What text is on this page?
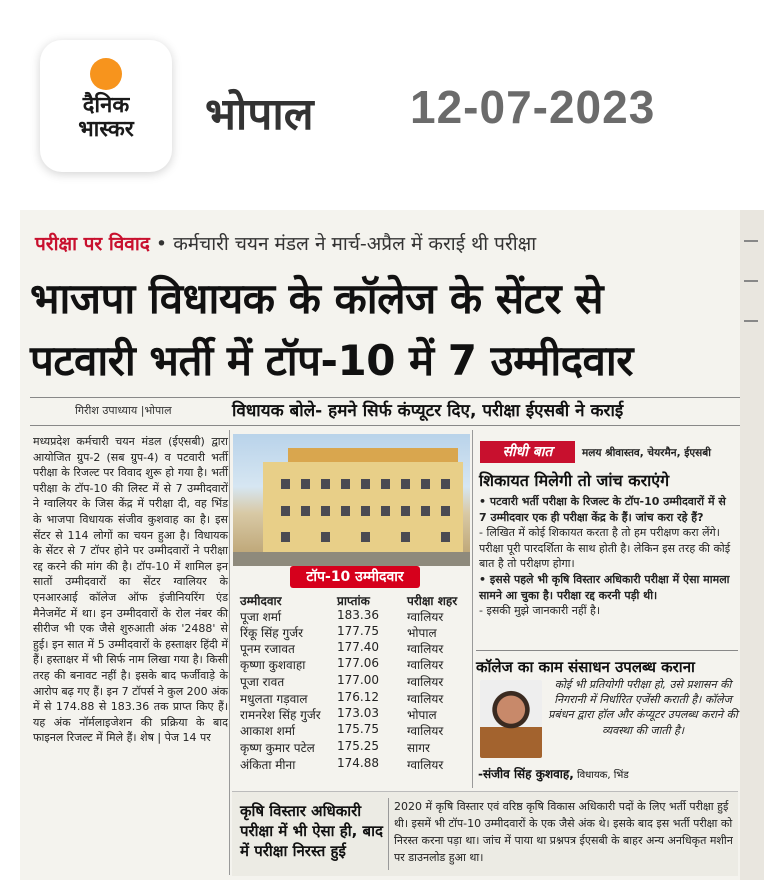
दैनिक
भास्कर	भोपाल 12-07-2023
परीक्षा पर विवाद • कर्मचारी चयन मंडल ने मार्च-अप्रैल में कराई थी परीक्षा
भाजपा विधायक के कॉलेज के सेंटर से
पटवारी भर्ती में टॉप-10 में 7 उम्मीदवार
गिरीश उपाध्याय |भोपाल	विधायक बोले- हमने सिर्फ कंप्यूटर दिए, परीक्षा ईएसबी ने कराई
मध्यप्रदेश कर्मचारी चयन मंडल (ईएसबी) द्वारा आयोजित ग्रुप-2 (सब ग्रुप-4) व पटवारी भर्ती परीक्षा के रिजल्ट पर विवाद शुरू हो गया है। भर्ती परीक्षा के टॉप-10 की लिस्ट में से 7 उम्मीदवारों ने ग्वालियर के जिस केंद्र में परीक्षा दी, वह भिंड के भाजपा विधायक संजीव कुशवाह का है। इस सेंटर से 114 लोगों का चयन हुआ है। विधायक के सेंटर से 7 टॉपर होने पर उम्मीदवारों ने परीक्षा रद्द करने की मांग की है। टॉप-10 में शामिल इन सातों उम्मीदवारों का सेंटर ग्वालियर के एनआरआई कॉलेज ऑफ इंजीनियरिंग एंड मैनेजमेंट में था। इन उम्मीदवारों के रोल नंबर की सीरीज भी एक जैसे शुरुआती अंक '2488' से हुई। इन सात में 5 उम्मीदवारों के हस्ताक्षर हिंदी में हैं। हस्ताक्षर में भी सिर्फ नाम लिखा गया है। किसी तरह की बनावट नहीं है। इसके बाद फर्जीवाड़े के आरोप बढ़ गए हैं। इन 7 टॉपर्स ने कुल 200 अंक में से 174.88 से 183.36 तक प्राप्त किए हैं। यह अंक नॉर्मलाइजेशन की प्रक्रिया के बाद फाइनल रिजल्ट में मिले हैं। शेष | पेज 14 पर
टॉप-10 उम्मीदवार
उम्मीदवार	प्राप्तांक	परीक्षा शहर
पूजा शर्मा	183.36 ग्वालियर
रिंकू सिंह गुर्जर	177.75 भोपाल
पूनम रजावत	177.40 ग्वालियर
कृष्णा कुशवाहा	177.06 ग्वालियर
पूजा रावत	177.00 ग्वालियर
मधुलता गड़वाल 176.12 ग्वालियर
रामनरेश सिंह गुर्जर 173.03 भोपाल
आकाश शर्मा	175.75 ग्वालियर
कृष्ण कुमार पटेल 175.25 सागर
अंकिता मीना	174.88 ग्वालियर
सीधी बात	मलय श्रीवास्तव, चेयरमैन, ईएसबी
शिकायत मिलेगी तो जांच कराएंगे

• पटवारी भर्ती परीक्षा के रिजल्ट के टॉप-10 उम्मीदवारों में से 7 उम्मीदवार एक ही परीक्षा केंद्र के हैं। जांच करा रहे हैं?

- लिखित में कोई शिकायत करता है तो हम परीक्षण करा लेंगे। परीक्षा पूरी पारदर्शिता के साथ होती है। लेकिन इस तरह की कोई बात है तो परीक्षण होगा।

• इससे पहले भी कृषि विस्तार अधिकारी परीक्षा में ऐसा मामला सामने आ चुका है। परीक्षा रद्द करनी पड़ी थी।

- इसकी मुझे जानकारी नहीं है।

कॉलेज का काम संसाधन उपलब्ध कराना
कोई भी प्रतियोगी परीक्षा हो, उसे प्रशासन की निगरानी में निर्धारित एजेंसी कराती है। कॉलेज प्रबंधन द्वारा हॉल और कंप्यूटर उपलब्ध कराने की व्यवस्था की जाती है।
-संजीव सिंह कुशवाह, विधायक, भिंड
कृषि विस्तार अधिकारी परीक्षा में भी ऐसा ही, बाद में परीक्षा निरस्त हुई
2020 में कृषि विस्तार एवं वरिष्ठ कृषि विकास अधिकारी पदों के लिए भर्ती परीक्षा हुई थी। इसमें भी टॉप-10 उम्मीदवारों के एक जैसे अंक थे। इसके बाद इस भर्ती परीक्षा को निरस्त करना पड़ा था। जांच में पाया था प्रश्नपत्र ईएसबी के बाहर अन्य अनधिकृत मशीन पर डाउनलोड हुआ था।
